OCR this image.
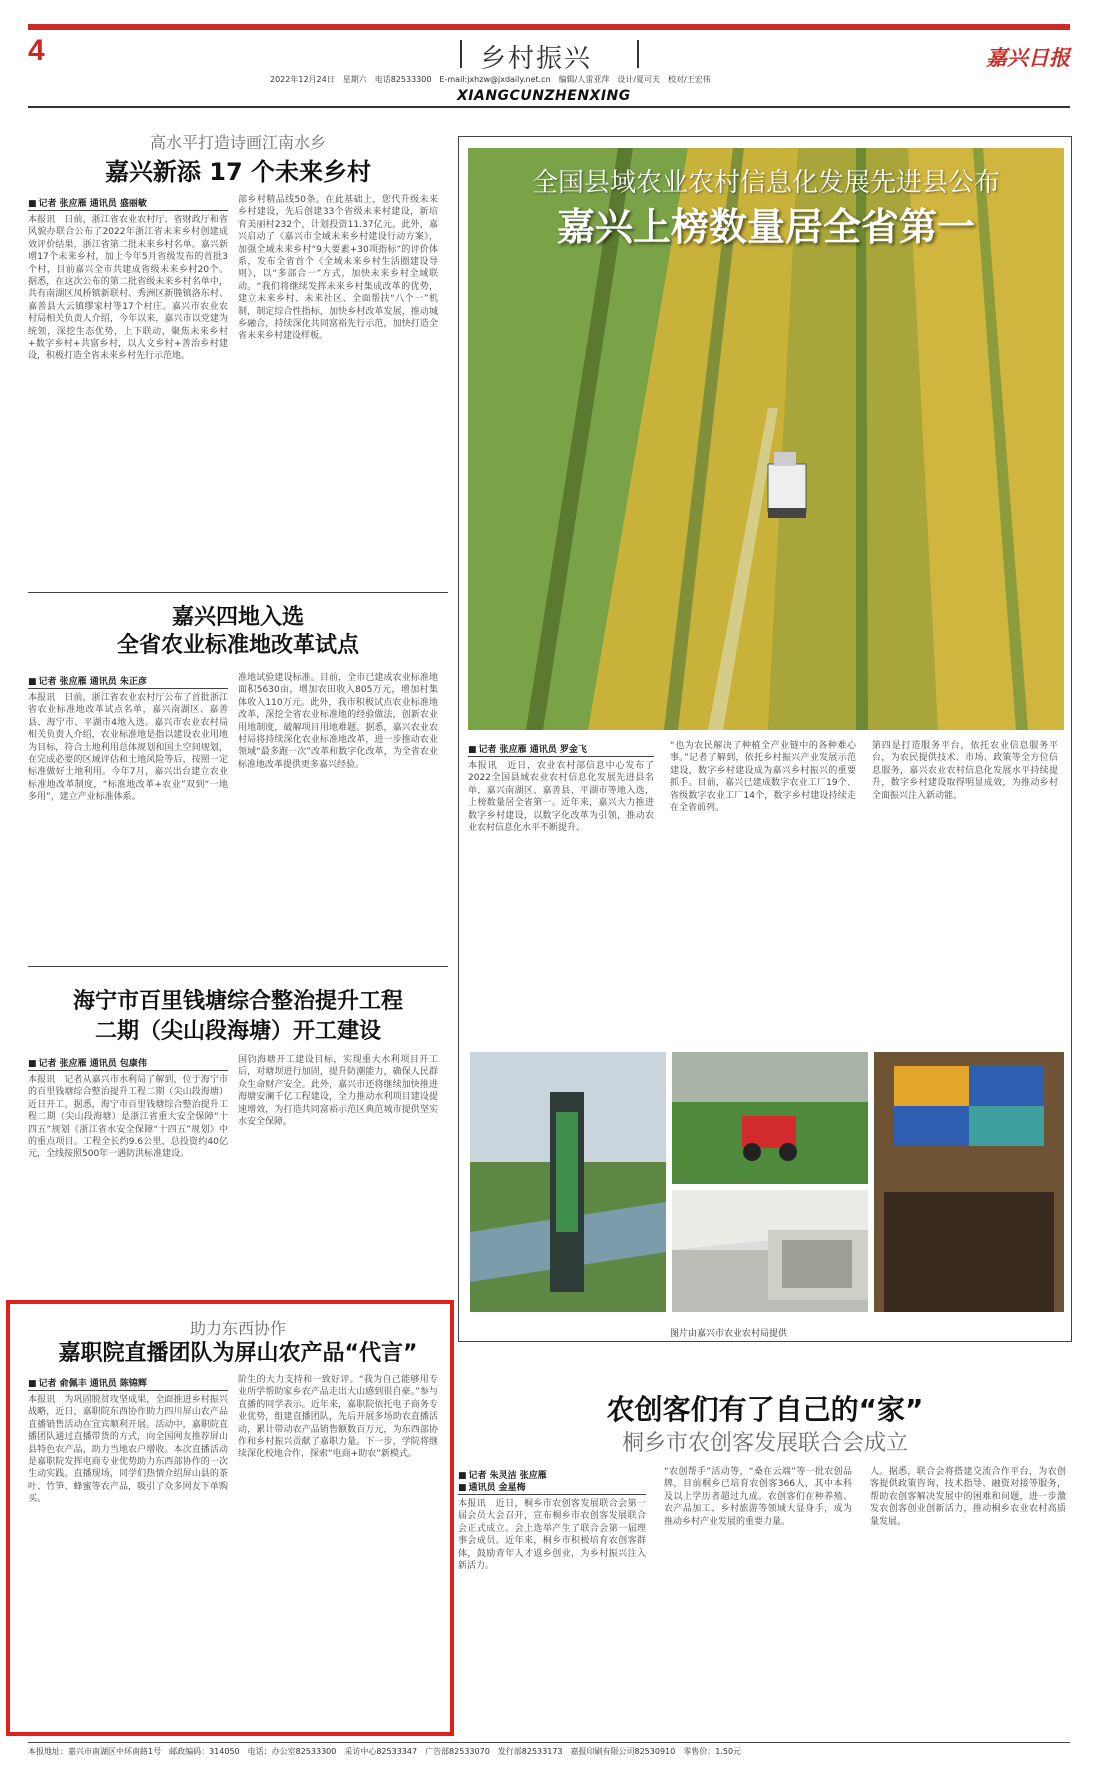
4	乡村振兴	嘉兴日报
2022年12月24日　星期六　电话82533300　E-mail:jxhzw@jxdaily.net.cn　编辑/人雷亚萍　设计/夏可夫　校对/王宏伟
XIANGCUNZHENXING
高水平打造诗画江南水乡
嘉兴新添 17 个未来乡村
■ 记者 张应雁 通讯员 盛丽敏
本报讯　日前，浙江省农业农村厅、省财政厅和省风貌办联合公布了2022年浙江省未来乡村创建成效评价结果，浙江省第二批未来乡村名单。嘉兴新增17个未来乡村，加上今年5月省级发布的首批3个村，目前嘉兴全市共建成省级未来乡村20个。据悉，在这次公布的第二批省级未来乡村名单中，共有南湖区凤桥镇新联村、秀洲区新塍镇洛东村、嘉善县大云镇缪家村等17个村庄。嘉兴市农业农村局相关负责人介绍，今年以来，嘉兴市以党建为统领，深挖生态优势，上下联动，聚焦未来乡村+数字乡村+共富乡村，以人文乡村+善治乡村建设，积极打造全省未来乡村先行示范地。
部乡村精品线50条。在此基础上，您代升级未来乡村建设，先后创建33个省级未来村建设，新培育美丽村232个，计划投资11.37亿元。此外，嘉兴启动了《嘉兴市全域未来乡村建设行动方案》，加强全域未来乡村“9大要素+30项指标”的评价体系，发布全省首个《全域未来乡村生活圈建设导则》，以“多部合一”方式，加快未来乡村全域联动。“我们将继续发挥未来乡村集成改革的优势，建立未来乡村、未来社区、全面帮扶“八个一”机制，制定综合性指标，加快乡村改革发展，推动城乡融合，持续深化共同富裕先行示范，加快打造全省未来乡村建设样板。
嘉兴四地入选
全省农业标准地改革试点
■ 记者 张应雁 通讯员 朱正彦
本报讯　日前，浙江省农业农村厅公布了首批浙江省农业标准地改革试点名单，嘉兴南湖区、嘉善县、海宁市、平湖市4地入选。嘉兴市农业农村局相关负责人介绍，农业标准地是指以建设农业用地为目标，符合土地利用总体规划和国土空间规划，在完成必要的区域评估和土地风险等后，按照一定标准做好土地利用。今年7月，嘉兴出台建立农业标准地改革制度，“标准地改革+农业”双到“一地多用”，建立产业标准体系。
准地试验建设标准。目前，全市已建成农业标准地面积5630亩，增加农田收入805万元，增加村集体收入110万元。此外，我市积极试点农业标准地改革，深挖全省农业标准地的经验做法，创新农业用地制度，破解项目用地难题。据悉，嘉兴农业农村局将持续深化农业标准地改革，进一步推动农业领域“最多跑一次”改革和数字化改革，为全省农业标准地改革提供更多嘉兴经验。
海宁市百里钱塘综合整治提升工程
二期（尖山段海塘）开工建设
■ 记者 张应雁 通讯员 包康伟
本报讯　记者从嘉兴市水利局了解到，位于海宁市的百里钱塘综合整治提升工程二期（尖山段海塘）近日开工。据悉，海宁市百里钱塘综合整治提升工程二期（尖山段海塘）是浙江省重大安全保障“十四五”规划《浙江省水安全保障“十四五”规划》中的重点项目。工程全长约9.6公里，总投资约40亿元，全线按照500年一遇防洪标准建设。
国钧海塘开工建设目标，实现重大水利项目开工后，对塘坝进行加固，提升防潮能力，确保人民群众生命财产安全。此外，嘉兴市还将继续加快推进海塘安澜千亿工程建设，全力推动水利项目建设提速增效，为打造共同富裕示范区典范城市提供坚实水安全保障。
助力东西协作
嘉职院直播团队为屏山农产品“代言”
■ 记者 俞佩丰 通讯员 陈锦辉
本报讯　为巩固脱贫攻坚成果，全面推进乡村振兴战略，近日，嘉职院东西协作助力四川屏山农产品直播销售活动在宜宾顺利开展。活动中，嘉职院直播团队通过直播带货的方式，向全国网友推荐屏山县特色农产品，助力当地农户增收。本次直播活动是嘉职院发挥电商专业优势助力东西部协作的一次生动实践。直播现场，同学们热情介绍屏山县的茶叶、竹笋、蜂蜜等农产品，吸引了众多网友下单购买。
阶生的大力支持和一致好评。“我为自己能够用专业所学帮助家乡农产品走出大山感到很自豪。”参与直播的同学表示。近年来，嘉职院依托电子商务专业优势，组建直播团队，先后开展多场助农直播活动，累计带动农产品销售额数百万元，为东西部协作和乡村振兴贡献了嘉职力量。下一步，学院将继续深化校地合作，探索“电商+助农”新模式。
全国县域农业农村信息化发展先进县公布
嘉兴上榜数量居全省第一
■ 记者 张应雁 通讯员 罗金飞
本报讯　近日，农业农村部信息中心发布了2022全国县域农业农村信息化发展先进县名单，嘉兴南湖区、嘉善县、平湖市等地入选，上榜数量居全省第一。近年来，嘉兴大力推进数字乡村建设，以数字化改革为引领，推动农业农村信息化水平不断提升。
“也为农民解决了种植全产业链中的各种难心事。”记者了解到，依托乡村振兴产业发展示范建设，数字乡村建设成为嘉兴乡村振兴的重要抓手。目前，嘉兴已建成数字农业工厂19个、省级数字农业工厂14个，数字乡村建设持续走在全省前列。
第四是打造服务平台，依托农业信息服务平台，为农民提供技术、市场、政策等全方位信息服务，嘉兴农业农村信息化发展水平持续提升，数字乡村建设取得明显成效，为推动乡村全面振兴注入新动能。
图片由嘉兴市农业农村局提供
农创客们有了自己的“家”
桐乡市农创客发展联合会成立
■ 记者 朱灵洁 张应雁
■ 通讯员 金星梅
本报讯　近日，桐乡市农创客发展联合会第一届会员大会召开，宣布桐乡市农创客发展联合会正式成立。会上选举产生了联合会第一届理事会成员。近年来，桐乡市积极培育农创客群体，鼓励青年人才返乡创业，为乡村振兴注入新活力。
“农创帮手”活动等，“桑在云端”等一批农创品牌，目前桐乡已培育农创客366人，其中本科及以上学历者超过九成。农创客们在种养殖、农产品加工、乡村旅游等领域大显身手，成为推动乡村产业发展的重要力量。
人。据悉，联合会将搭建交流合作平台，为农创客提供政策咨询、技术指导、融资对接等服务，帮助农创客解决发展中的困难和问题，进一步激发农创客创业创新活力，推动桐乡农业农村高质量发展。
本报地址：嘉兴市南湖区中环南路1号　邮政编码：314050　电话：办公室82533300　采访中心82533347　广告部82533070　发行部82533173　嘉报印刷有限公司82530910　零售价：1.50元
